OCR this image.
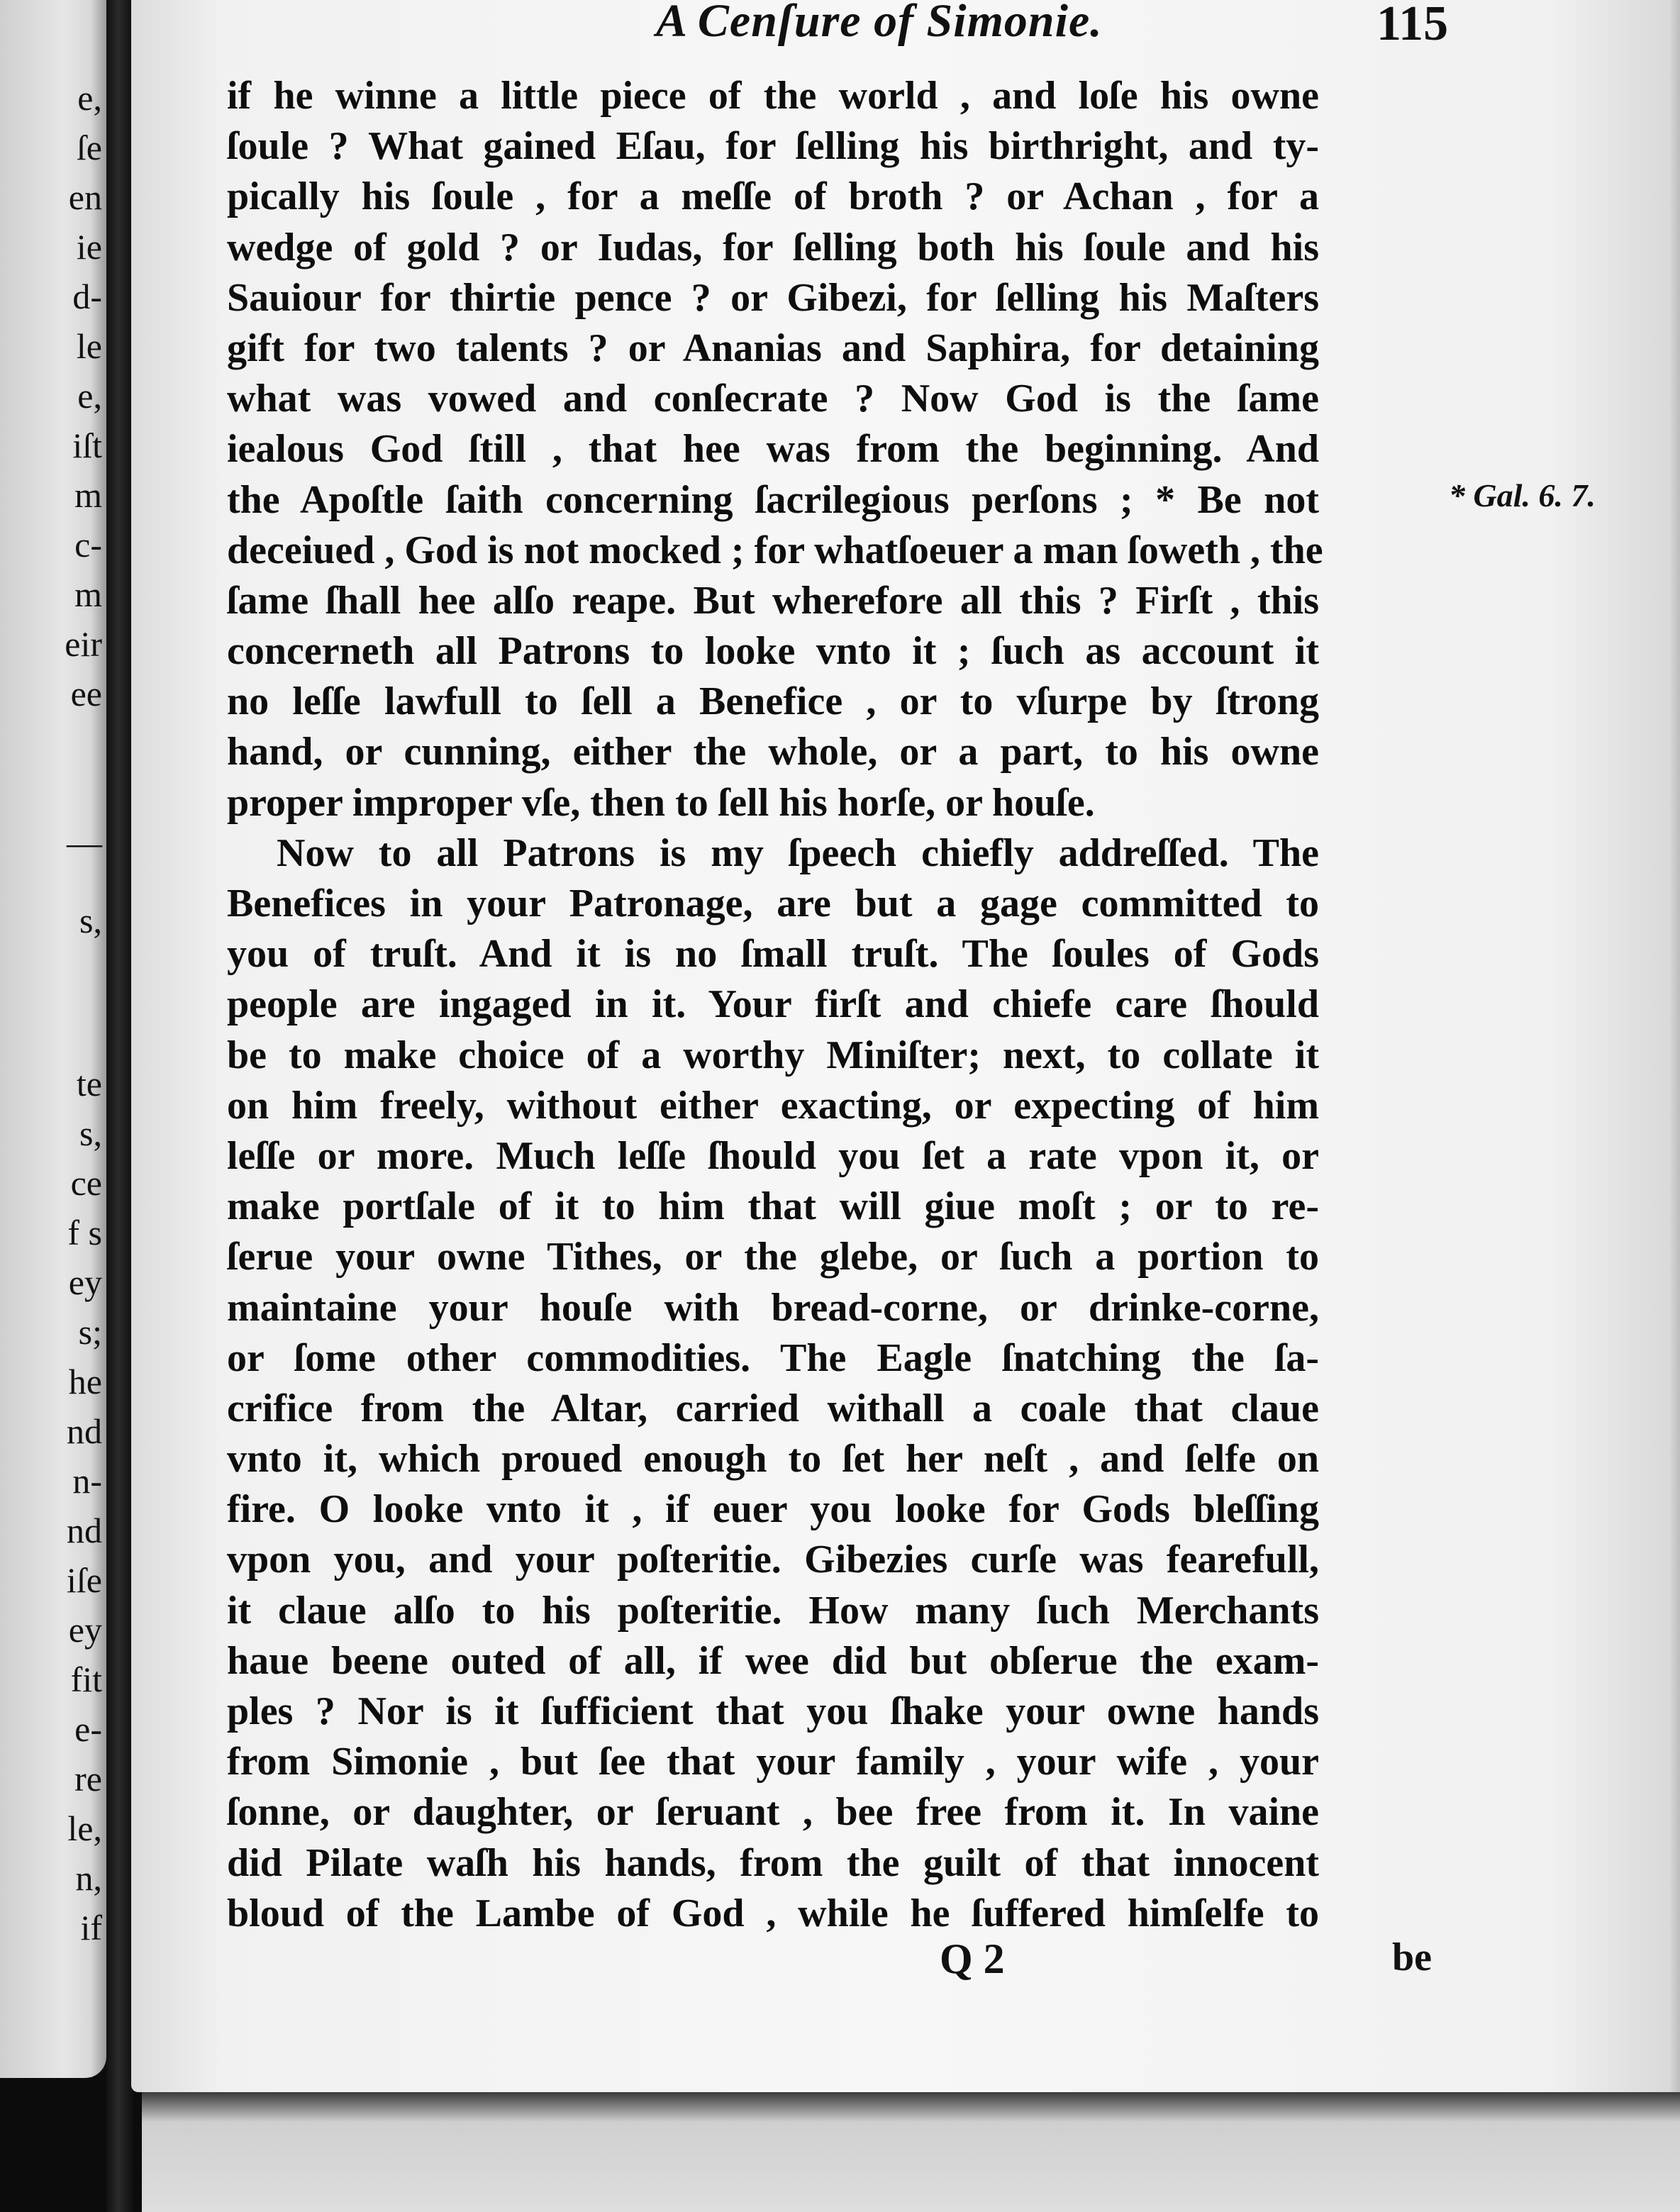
e,
ſe
en
ie
d-
le
e,
iſt
m
c-
m
eir
ee
—
s,
te
s,
ce
f s
ey
s;
he
nd
n-
nd
iſe
ey
fit
e-
re
le,
n,
if
A Cenſure of Simonie.	115
* Gal. 6. 7.
Q 2	be
if he winne a little piece of the world , and loſe his owne
ſoule ? What gained Eſau, for ſelling his birthright, and ty-
pically his ſoule , for a meſſe of broth ? or Achan , for a
wedge of gold ? or Iudas, for ſelling both his ſoule and his
Sauiour for thirtie pence ? or Gibezi, for ſelling his Maſters
gift for two talents ? or Ananias and Saphira, for detaining
what was vowed and conſecrate ? Now God is the ſame
iealous God ſtill , that hee was from the beginning. And
the Apoſtle ſaith concerning ſacrilegious perſons ; * Be not
deceiued , God is not mocked ; for whatſoeuer a man ſoweth , the
ſame ſhall hee alſo reape. But wherefore all this ? Firſt , this
concerneth all Patrons to looke vnto it ; ſuch as account it
no leſſe lawfull to ſell a Benefice , or to vſurpe by ſtrong
hand, or cunning, either the whole, or a part, to his owne
proper improper vſe, then to ſell his horſe, or houſe.
Now to all Patrons is my ſpeech chiefly addreſſed. The
Benefices in your Patronage, are but a gage committed to
you of truſt. And it is no ſmall truſt. The ſoules of Gods
people are ingaged in it. Your firſt and chiefe care ſhould
be to make choice of a worthy Miniſter; next, to collate it
on him freely, without either exacting, or expecting of him
leſſe or more. Much leſſe ſhould you ſet a rate vpon it, or
make portſale of it to him that will giue moſt ; or to re-
ſerue your owne Tithes, or the glebe, or ſuch a portion to
maintaine your houſe with bread-corne, or drinke-corne,
or ſome other commodities. The Eagle ſnatching the ſa-
crifice from the Altar, carried withall a coale that claue
vnto it, which proued enough to ſet her neſt , and ſelfe on
fire. O looke vnto it , if euer you looke for Gods bleſſing
vpon you, and your poſteritie. Gibezies curſe was fearefull,
it claue alſo to his poſteritie. How many ſuch Merchants
haue beene outed of all, if wee did but obſerue the exam-
ples ? Nor is it ſufficient that you ſhake your owne hands
from Simonie , but ſee that your family , your wife , your
ſonne, or daughter, or ſeruant , bee free from it. In vaine
did Pilate waſh his hands, from the guilt of that innocent
bloud of the Lambe of God , while he ſuffered himſelfe to
